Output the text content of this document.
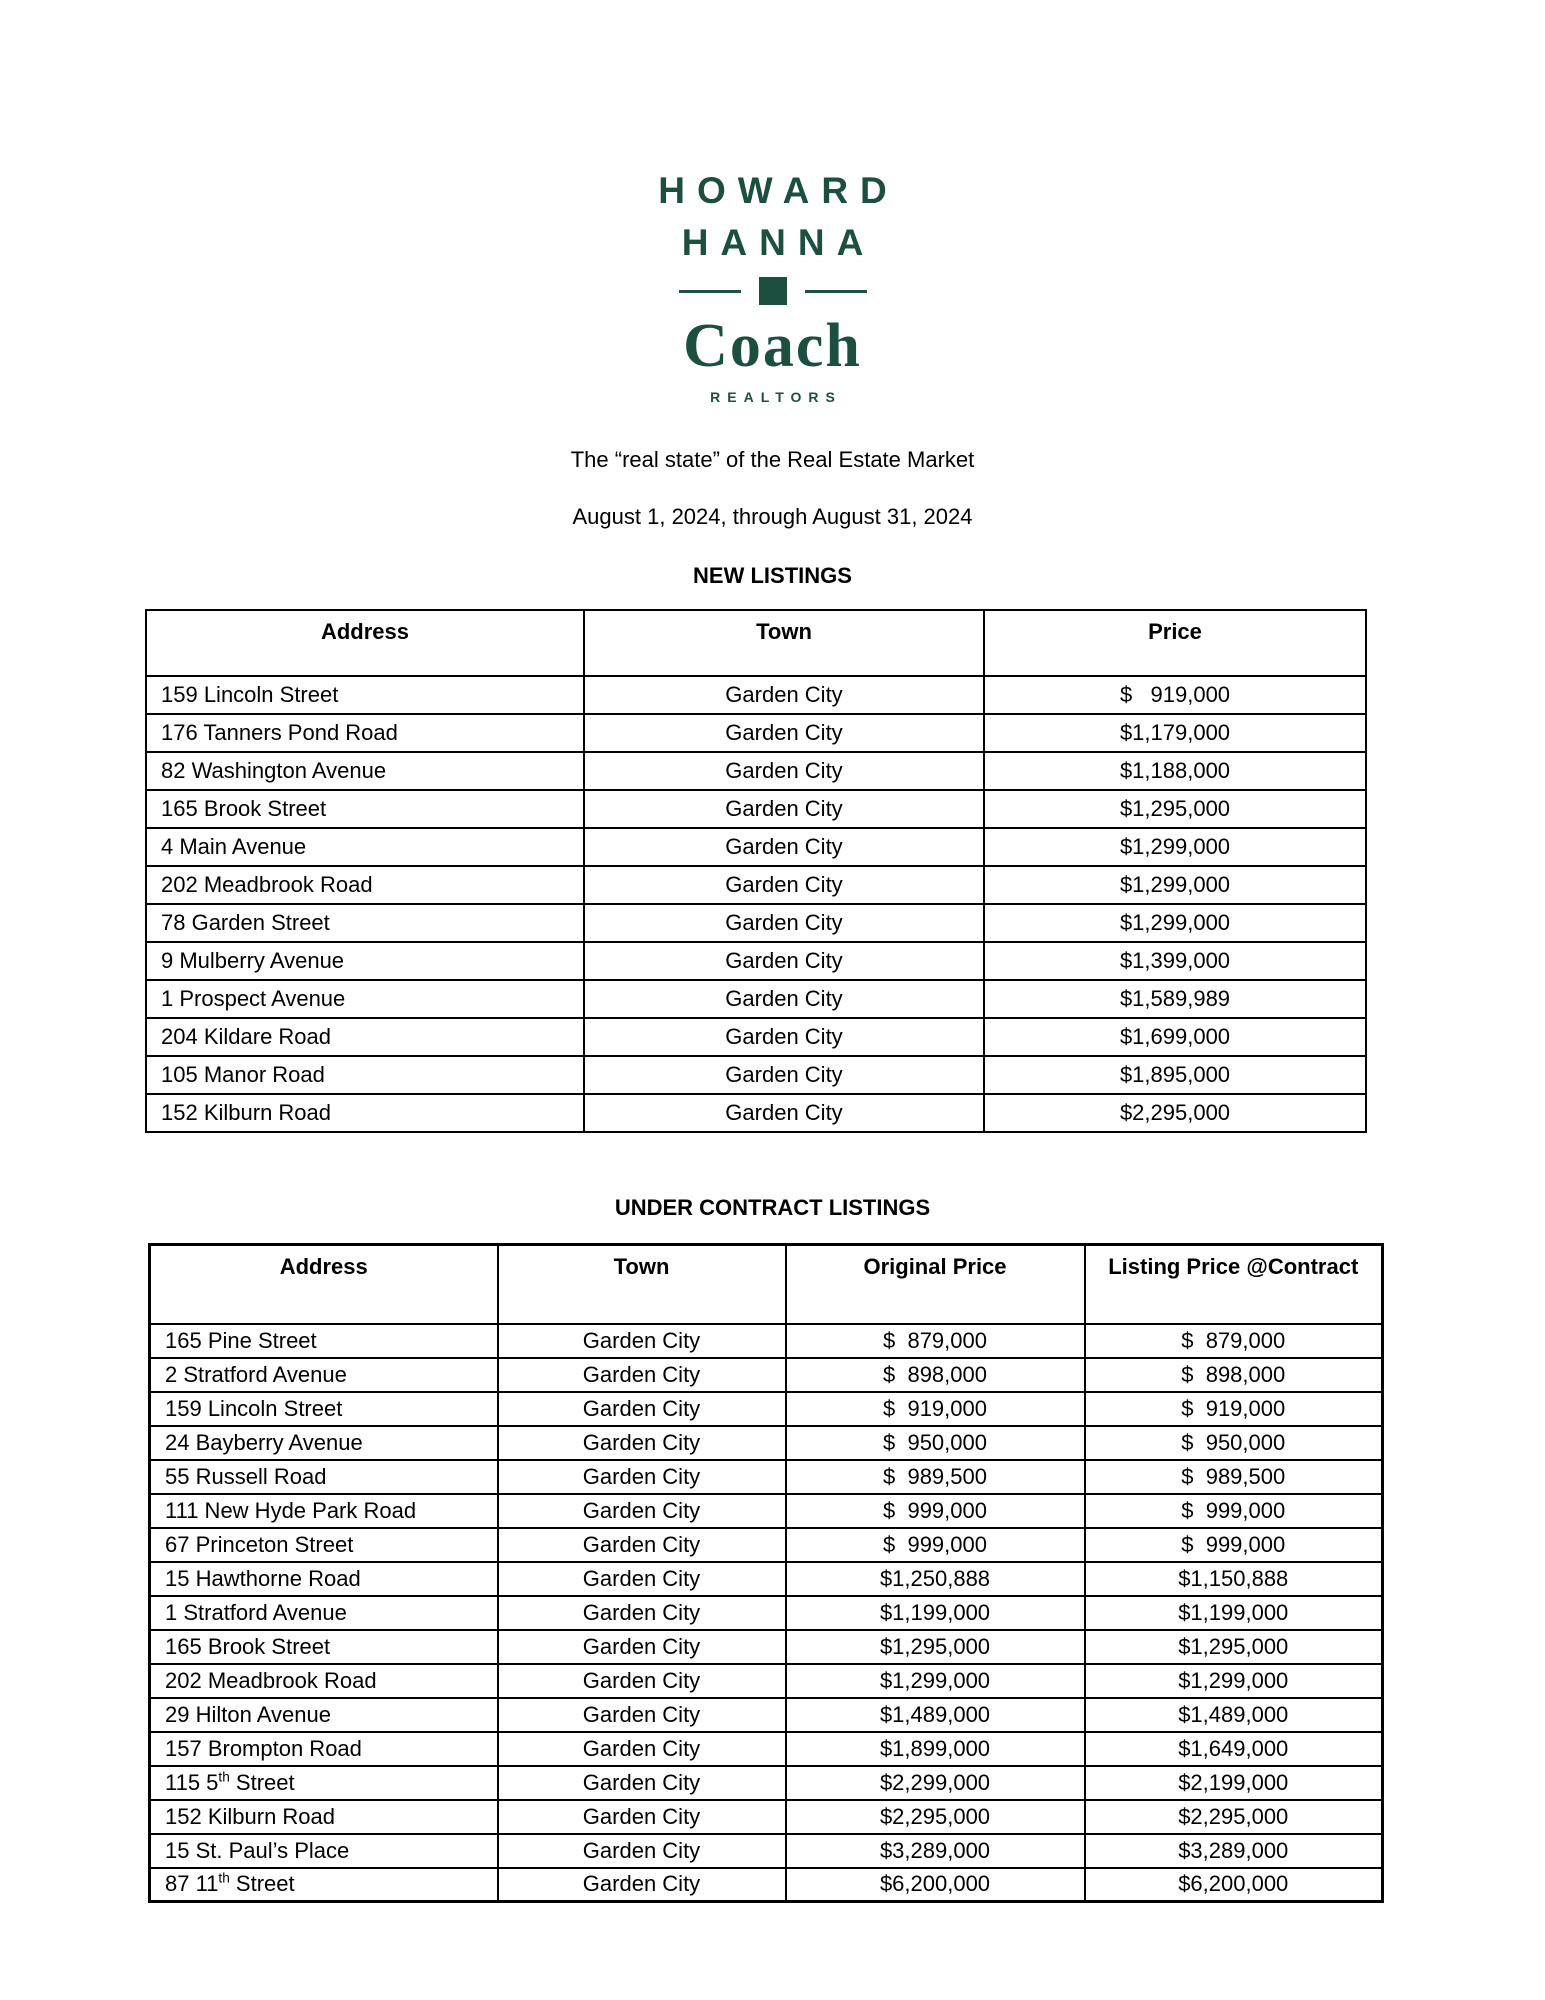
HOWARD
HANNA
Coach
REALTORS

The “real state” of the Real Estate Market

August 1, 2024, through August 31, 2024

NEW LISTINGS
Address	Town	Price
159 Lincoln Street	Garden City	$   919,000
176 Tanners Pond Road	Garden City	$1,179,000
82 Washington Avenue	Garden City	$1,188,000
165 Brook Street	Garden City	$1,295,000
4 Main Avenue	Garden City	$1,299,000
202 Meadbrook Road	Garden City	$1,299,000
78 Garden Street	Garden City	$1,299,000
9 Mulberry Avenue	Garden City	$1,399,000
1 Prospect Avenue	Garden City	$1,589,989
204 Kildare Road	Garden City	$1,699,000
105 Manor Road	Garden City	$1,895,000
152 Kilburn Road	Garden City	$2,295,000
UNDER CONTRACT LISTINGS
Address	Town	Original Price	Listing Price @Contract
165 Pine Street	Garden City	$  879,000	$  879,000
2 Stratford Avenue	Garden City	$  898,000	$  898,000
159 Lincoln Street	Garden City	$  919,000	$  919,000
24 Bayberry Avenue	Garden City	$  950,000	$  950,000
55 Russell Road	Garden City	$  989,500	$  989,500
111 New Hyde Park Road	Garden City	$  999,000	$  999,000
67 Princeton Street	Garden City	$  999,000	$  999,000
15 Hawthorne Road	Garden City	$1,250,888	$1,150,888
1 Stratford Avenue	Garden City	$1,199,000	$1,199,000
165 Brook Street	Garden City	$1,295,000	$1,295,000
202 Meadbrook Road	Garden City	$1,299,000	$1,299,000
29 Hilton Avenue	Garden City	$1,489,000	$1,489,000
157 Brompton Road	Garden City	$1,899,000	$1,649,000
115 5th Street	Garden City	$2,299,000	$2,199,000
152 Kilburn Road	Garden City	$2,295,000	$2,295,000
15 St. Paul’s Place	Garden City	$3,289,000	$3,289,000
87 11th Street	Garden City	$6,200,000	$6,200,000
